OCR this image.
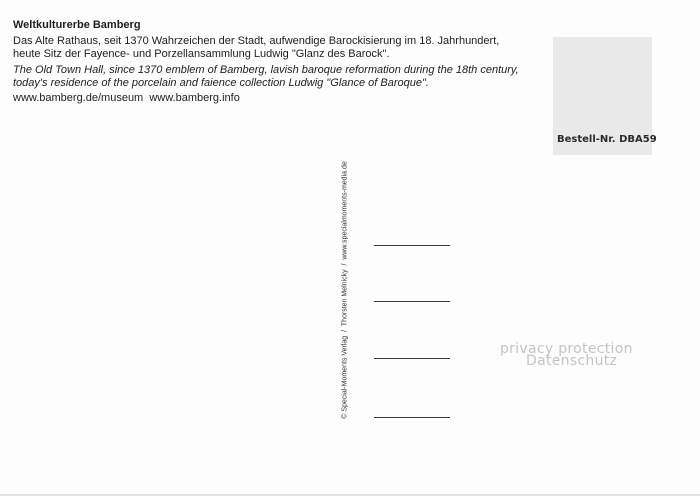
Weltkulturerbe Bamberg
Das Alte Rathaus, seit 1370 Wahrzeichen der Stadt, aufwendige Barockisierung im 18. Jahrhundert,
heute Sitz der Fayence- und Porzellansammlung Ludwig "Glanz des Barock".
The Old Town Hall, since 1370 emblem of Bamberg, lavish baroque reformation during the 18th century,
today's residence of the porcelain and faience collection Ludwig "Glance of Baroque".
www.bamberg.de/museum  www.bamberg.info
Bestell-Nr. DBA59
© Special-Moments Verlag  /  Thorsten Melnicky  /  www.specialmoments-media.de	privacy protection
Datenschutz
